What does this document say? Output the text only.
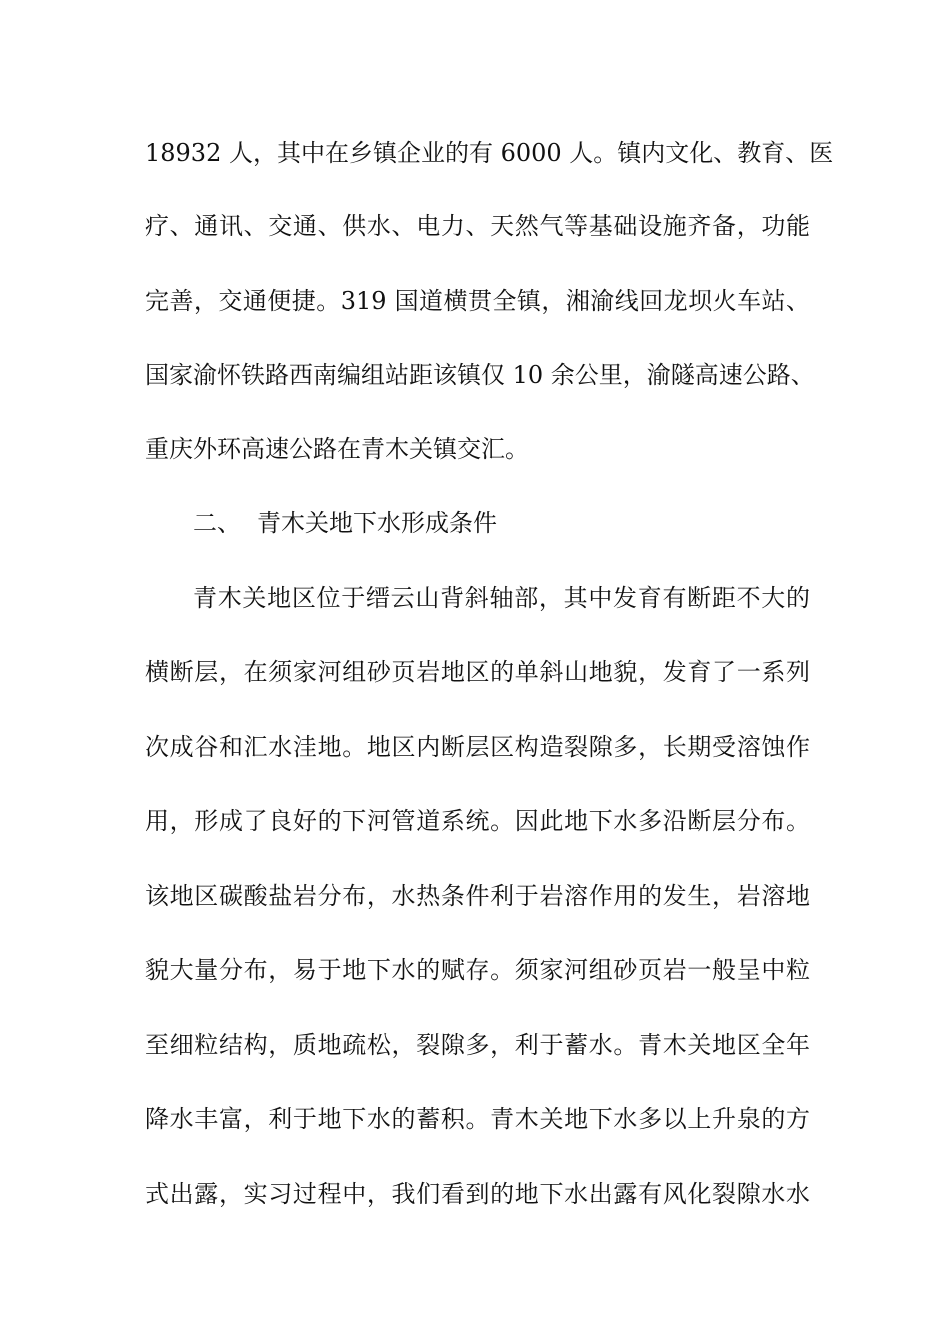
18932 人，其中在乡镇企业的有 6000 人。镇内文化、教育、医
疗、通讯、交通、供水、电力、天然气等基础设施齐备，功能
完善，交通便捷。319 国道横贯全镇，湘渝线回龙坝火车站、
国家渝怀铁路西南编组站距该镇仅 10 余公里，渝隧高速公路、
重庆外环高速公路在青木关镇交汇。
二、 青木关地下水形成条件
青木关地区位于缙云山背斜轴部，其中发育有断距不大的
横断层，在须家河组砂页岩地区的单斜山地貌，发育了一系列
次成谷和汇水洼地。地区内断层区构造裂隙多，长期受溶蚀作
用，形成了良好的下河管道系统。因此地下水多沿断层分布。
该地区碳酸盐岩分布，水热条件利于岩溶作用的发生，岩溶地
貌大量分布，易于地下水的赋存。须家河组砂页岩一般呈中粒
至细粒结构，质地疏松，裂隙多，利于蓄水。青木关地区全年
降水丰富，利于地下水的蓄积。青木关地下水多以上升泉的方
式出露，实习过程中，我们看到的地下水出露有风化裂隙水水
